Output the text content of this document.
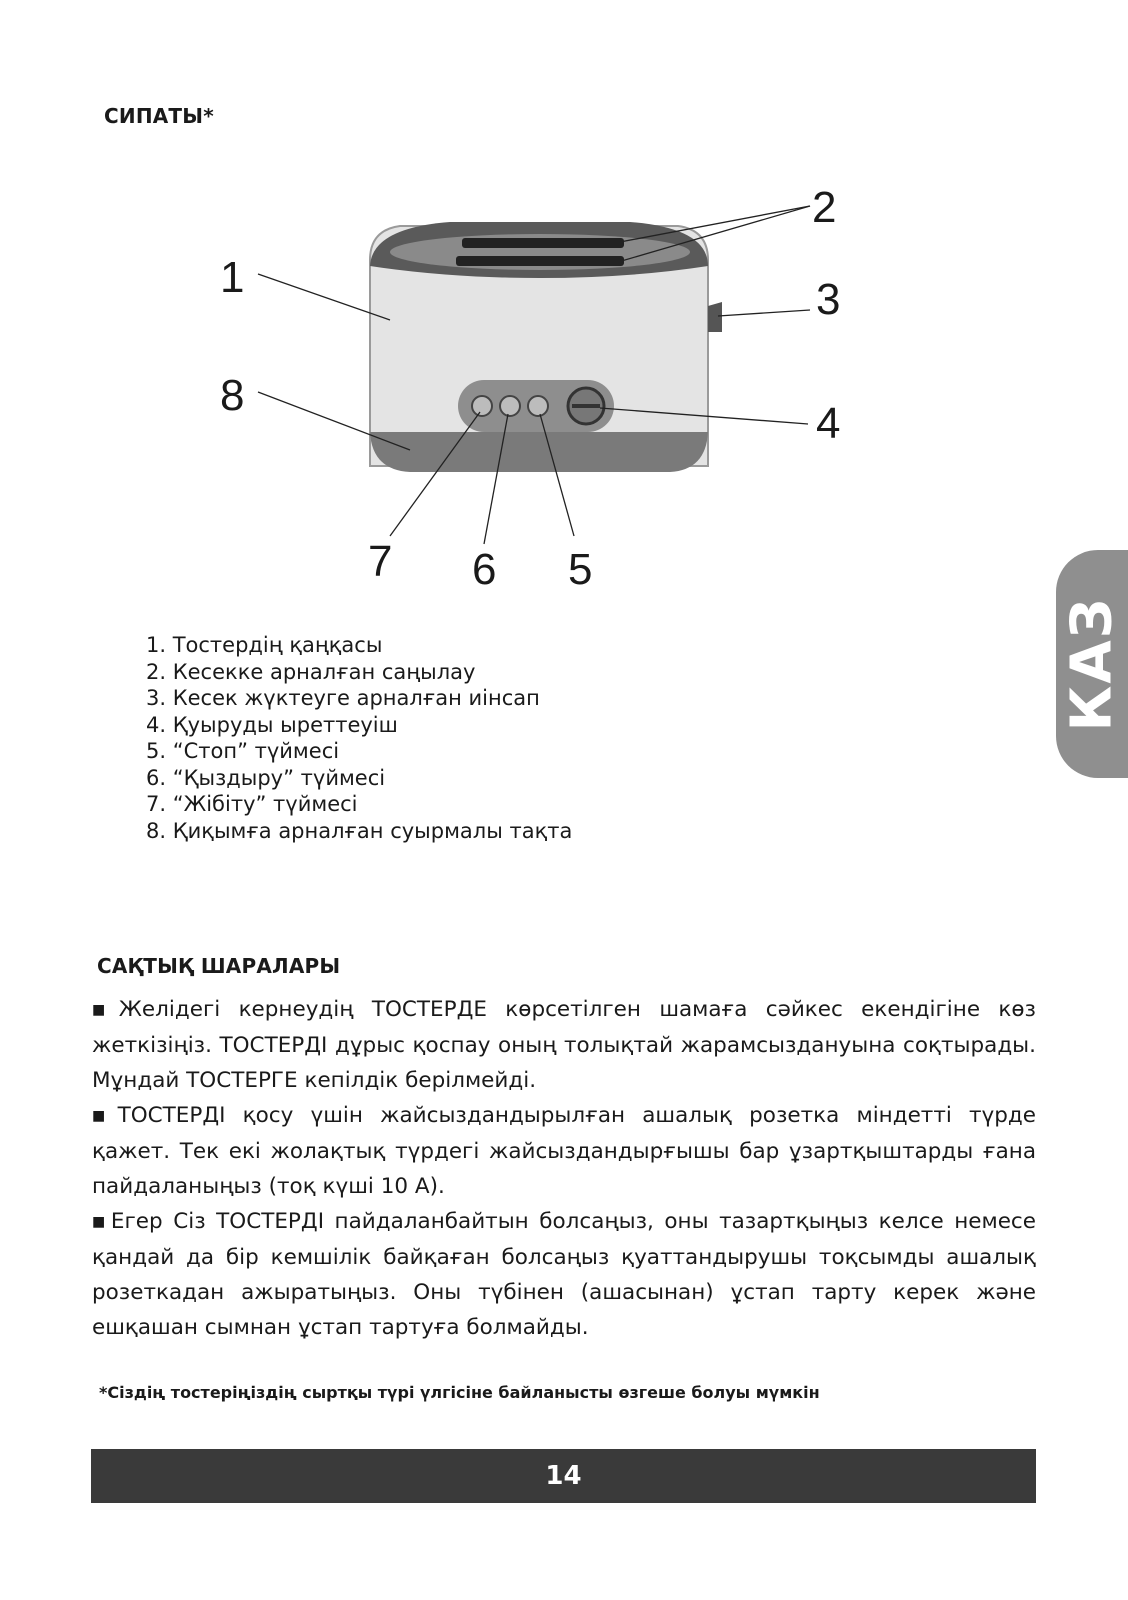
СИПАТЫ*
1
2
3
4
5
6
7
8
1. Тостердің қаңқасы
2. Кесекке арналған саңылау
3. Кесек жүктеуге арналған иінсап
4. Қуыруды ыреттеуіш
5. “Стоп” түймесі
6. “Қыздыру” түймесі
7. “Жібіту” түймесі
8. Қиқымға арналған суырмалы тақта
САҚТЫҚ ШАРАЛАРЫ

■Желідегі кернеудің ТОСТЕРДЕ көрсетілген шамаға сәйкес екендігіне көз жеткізіңіз. ТОСТЕРДІ дұрыс қоспау оның толықтай жарамсыздануына соқтырады. Мұндай ТОСТЕРГЕ кепілдік берілмейді.

■ТОСТЕРДІ қосу үшін жайсыздандырылған ашалық розетка міндетті түрде қажет. Тек екі жолақтық түрдегі жайсыздандырғышы бар ұзартқыштарды ғана пайдаланыңыз (тоқ күші 10 А).

■Егер Сіз ТОСТЕРДІ пайдаланбайтын болсаңыз, оны тазартқыңыз келсе немесе қандай да бір кемшілік байқаған болсаңыз қуаттандырушы тоқсымды ашалық розеткадан ажыратыңыз. Оны түбінен (ашасынан) ұстап тарту керек және ешқашан сымнан ұстап тартуға болмайды.

*Сіздің тостеріңіздің сыртқы түрі үлгісіне байланысты өзгеше болуы мүмкін
14
КАЗ
